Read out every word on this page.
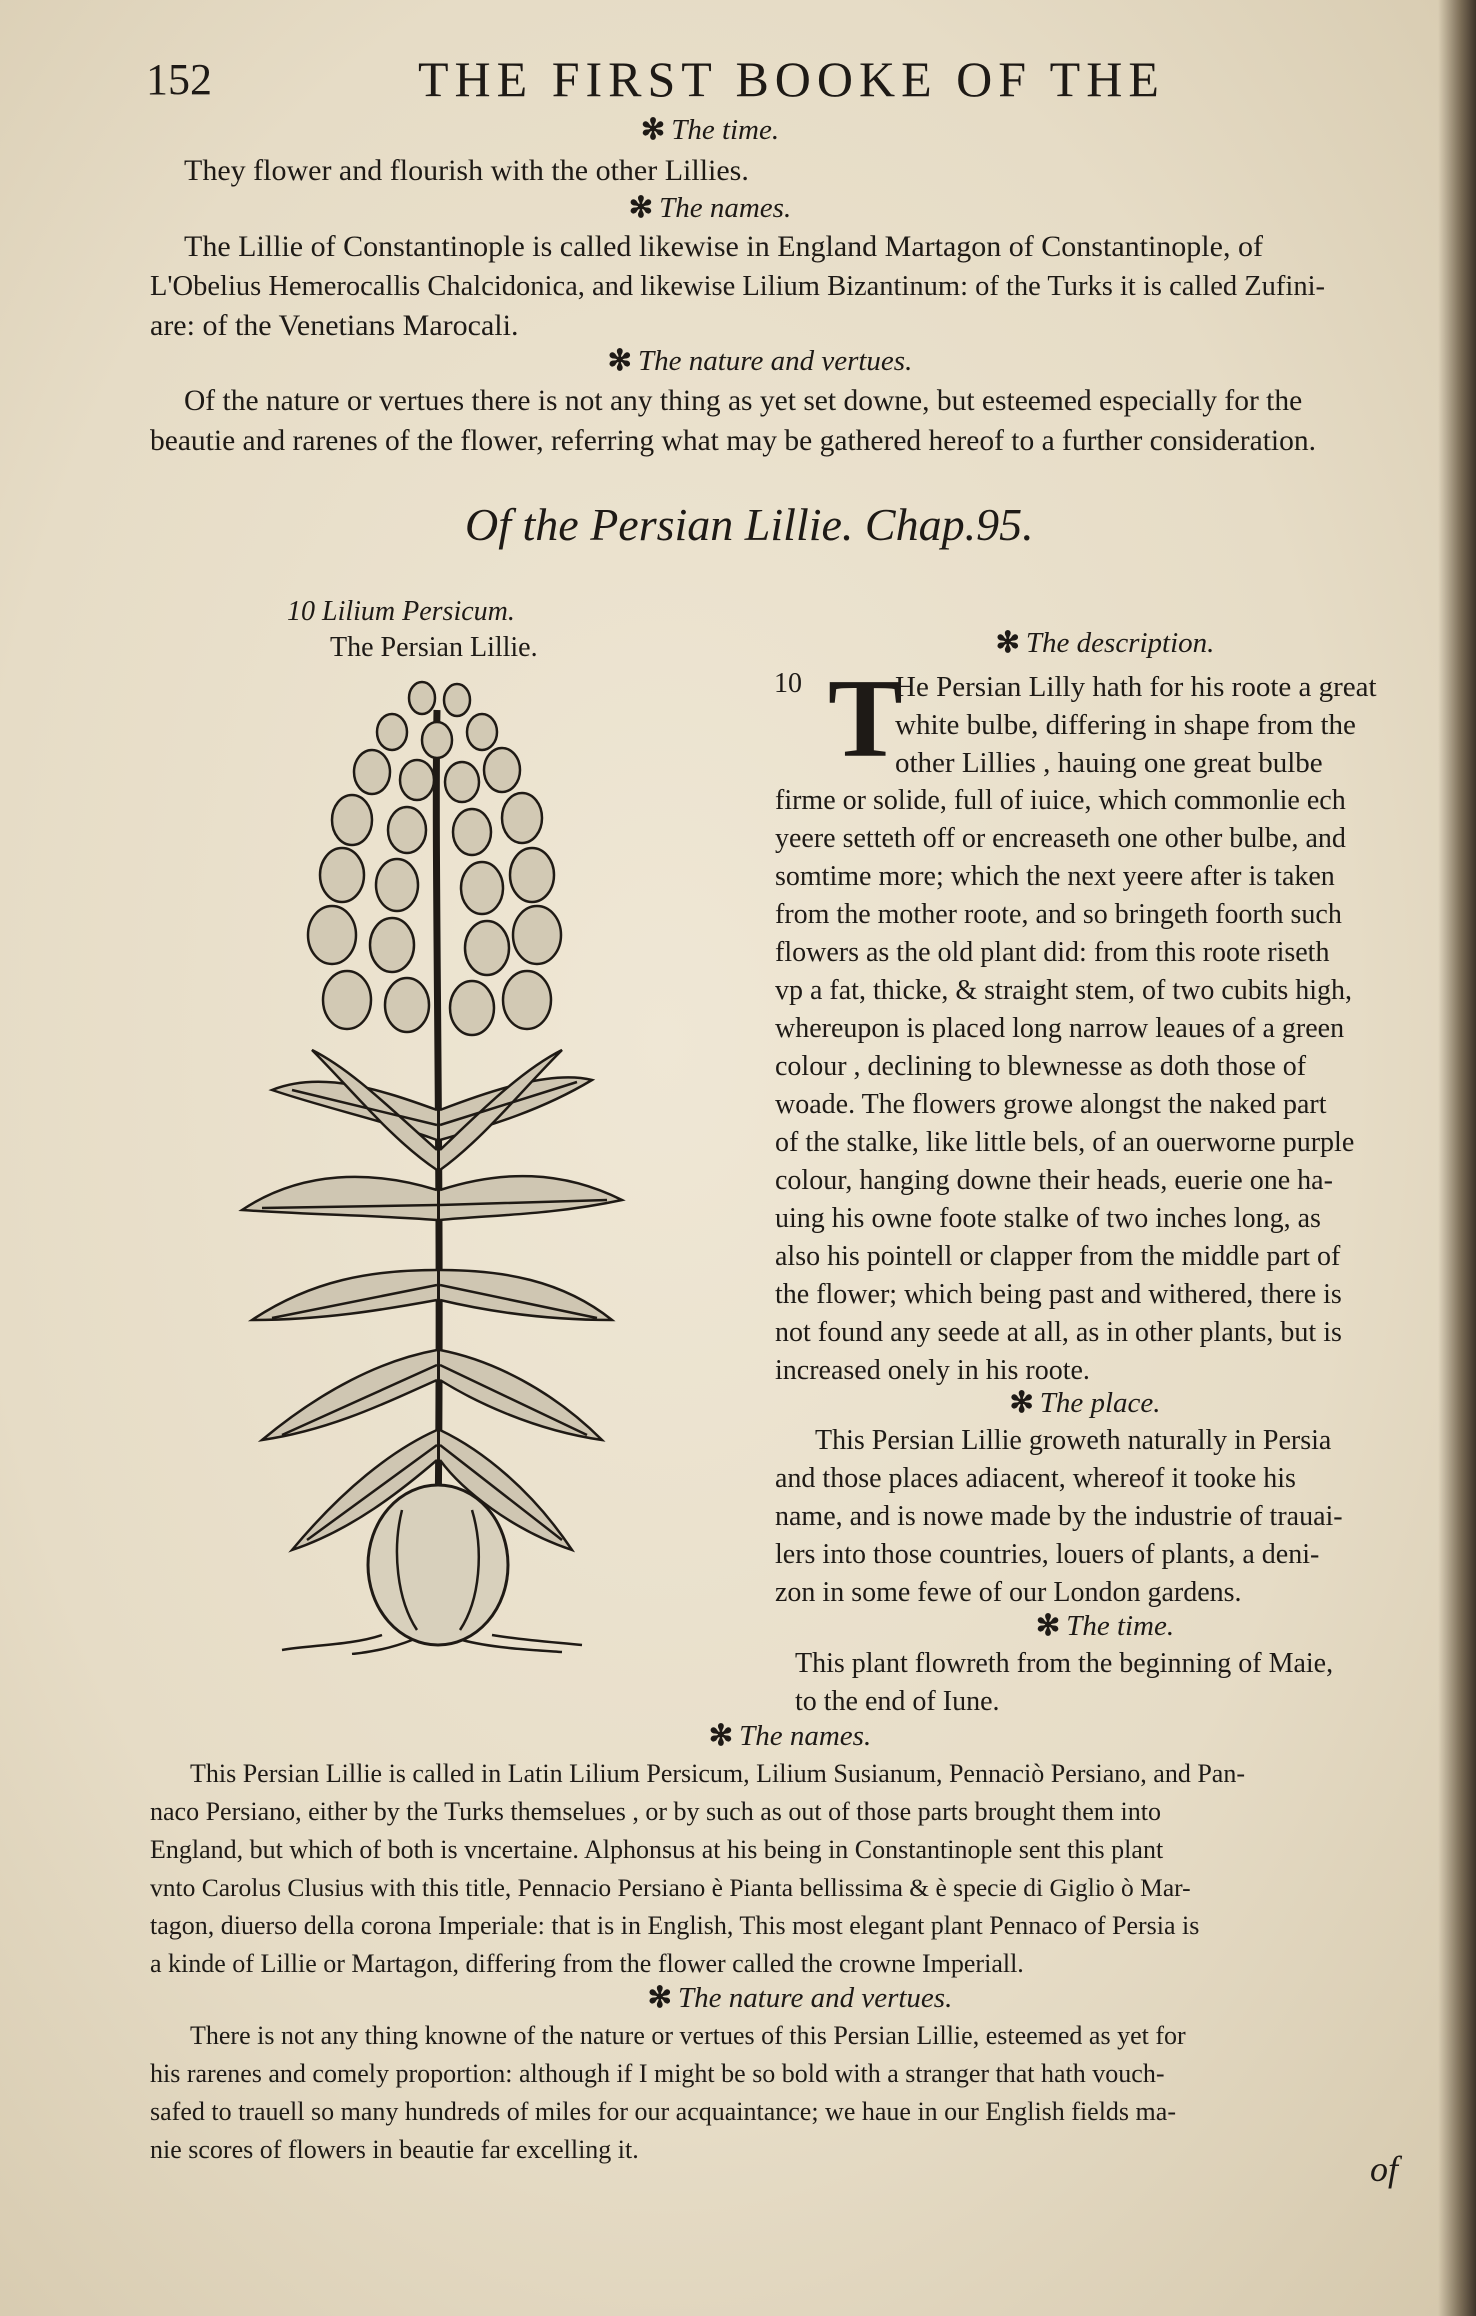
152	THE FIRST BOOKE OF THE
✻ The time.
They flower and flourish with the other Lillies.
✻ The names.
The Lillie of Constantinople is called likewise in England Martagon of Constantinople, of
L'Obelius Hemerocallis Chalcidonica, and likewise Lilium Bizantinum: of the Turks it is called Zufini-
are: of the Venetians Marocali.
✻ The nature and vertues.
Of the nature or vertues there is not any thing as yet set downe, but esteemed especially for the
beautie and rarenes of the flower, referring what may be gathered hereof to a further consideration.
Of the Persian Lillie. Chap.95.
10 Lilium Persicum.
The Persian Lillie.	✻ The description.
10 T
He Persian Lilly hath for his roote a great
white bulbe, differing in shape from the
other Lillies , hauing one great bulbe
firme or solide, full of iuice, which commonlie ech
yeere setteth off or encreaseth one other bulbe, and
somtime more; which the next yeere after is taken
from the mother roote, and so bringeth foorth such
flowers as the old plant did: from this roote riseth
vp a fat, thicke, & straight stem, of two cubits high,
whereupon is placed long narrow leaues of a green
colour , declining to blewnesse as doth those of
woade. The flowers growe alongst the naked part
of the stalke, like little bels, of an ouerworne purple
colour, hanging downe their heads, euerie one ha-
uing his owne foote stalke of two inches long, as
also his pointell or clapper from the middle part of
the flower; which being past and withered, there is
not found any seede at all, as in other plants, but is
increased onely in his roote.
✻ The place.
This Persian Lillie groweth naturally in Persia
and those places adiacent, whereof it tooke his
name, and is nowe made by the industrie of trauai-
lers into those countries, louers of plants, a deni-
zon in some fewe of our London gardens.
✻ The time.
This plant flowreth from the beginning of Maie,
to the end of Iune.
✻ The names.
This Persian Lillie is called in Latin Lilium Persicum, Lilium Susianum, Pennaciò Persiano, and Pan-
naco Persiano, either by the Turks themselues , or by such as out of those parts brought them into
England, but which of both is vncertaine. Alphonsus at his being in Constantinople sent this plant
vnto Carolus Clusius with this title, Pennacio Persiano è Pianta bellissima & è specie di Giglio ò Mar-
tagon, diuerso della corona Imperiale: that is in English, This most elegant plant Pennaco of Persia is
a kinde of Lillie or Martagon, differing from the flower called the crowne Imperiall.
✻ The nature and vertues.
There is not any thing knowne of the nature or vertues of this Persian Lillie, esteemed as yet for
his rarenes and comely proportion: although if I might be so bold with a stranger that hath vouch-
safed to trauell so many hundreds of miles for our acquaintance; we haue in our English fields ma-
nie scores of flowers in beautie far excelling it.	of
